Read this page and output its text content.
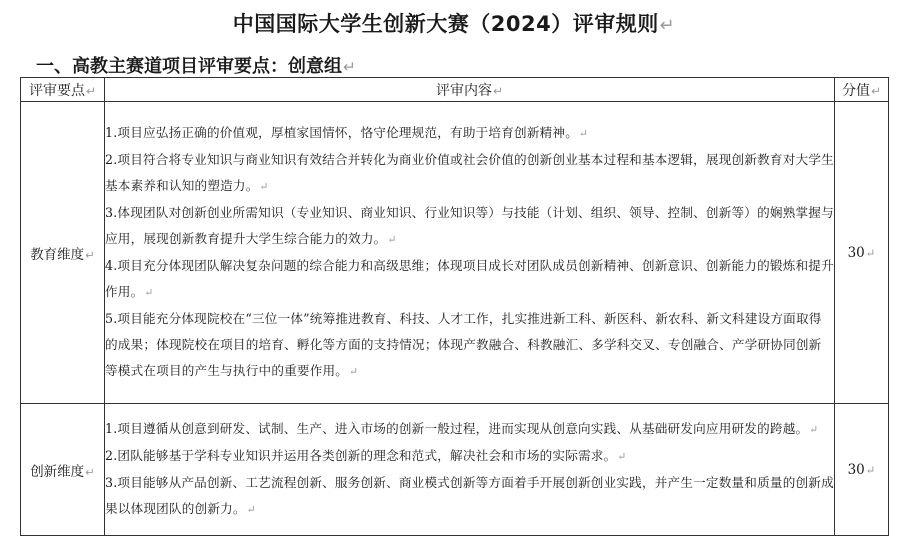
中国国际大学生创新大赛（2024）评审规则↵
一、高教主赛道项目评审要点：创意组↵
评审要点↵	评审内容↵	分值↵
教育维度↵	1.项目应弘扬正确的价值观，厚植家国情怀，恪守伦理规范，有助于培育创新精神。↵

2.项目符合将专业知识与商业知识有效结合并转化为商业价值或社会价值的创新创业基本过程和基本逻辑，展现创新教育对大学生基本素养和认知的塑造力。↵

3.体现团队对创新创业所需知识（专业知识、商业知识、行业知识等）与技能（计划、组织、领导、控制、创新等）的娴熟掌握与应用，展现创新教育提升大学生综合能力的效力。↵

4.项目充分体现团队解决复杂问题的综合能力和高级思维；体现项目成长对团队成员创新精神、创新意识、创新能力的锻炼和提升作用。↵

5.项目能充分体现院校在“三位一体”统筹推进教育、科技、人才工作，扎实推进新工科、新医科、新农科、新文科建设方面取得的成果；体现院校在项目的培育、孵化等方面的支持情况；体现产教融合、科教融汇、多学科交叉、专创融合、产学研协同创新等模式在项目的产生与执行中的重要作用。↵	30↵
创新维度↵	1.项目遵循从创意到研发、试制、生产、进入市场的创新一般过程，进而实现从创意向实践、从基础研发向应用研发的跨越。↵

2.团队能够基于学科专业知识并运用各类创新的理念和范式，解决社会和市场的实际需求。↵

3.项目能够从产品创新、工艺流程创新、服务创新、商业模式创新等方面着手开展创新创业实践，并产生一定数量和质量的创新成果以体现团队的创新力。↵	30↵
